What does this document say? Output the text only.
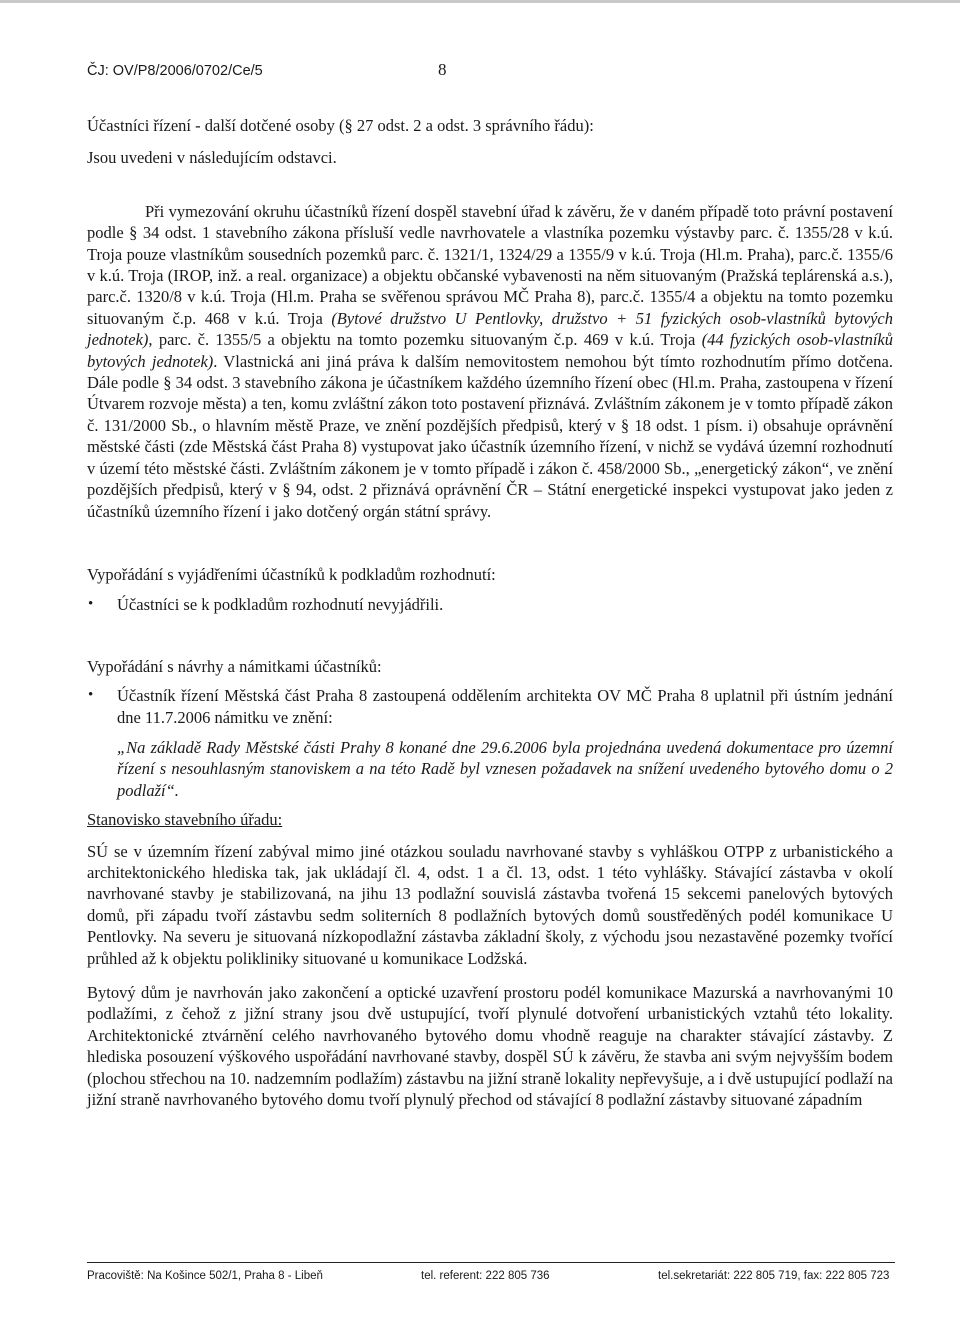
ČJ: OV/P8/2006/0702/Ce/5	8

Účastníci řízení - další dotčené osoby (§ 27 odst. 2 a odst. 3 správního řádu):

Jsou uvedeni v následujícím odstavci.

Při vymezování okruhu účastníků řízení dospěl stavební úřad k závěru, že v daném případě toto právní postavení podle § 34 odst. 1 stavebního zákona přísluší vedle navrhovatele a vlastníka pozemku výstavby parc. č. 1355/28 v k.ú. Troja pouze vlastníkům sousedních pozemků parc. č. 1321/1, 1324/29 a 1355/9 v k.ú. Troja (Hl.m. Praha), parc.č. 1355/6 v k.ú. Troja (IROP, inž. a real. organizace) a objektu občanské vybavenosti na něm situovaným (Pražská teplárenská a.s.), parc.č. 1320/8 v k.ú. Troja (Hl.m. Praha se svěřenou správou MČ Praha 8), parc.č. 1355/4 a objektu na tomto pozemku situovaným č.p. 468 v k.ú. Troja (Bytové družstvo U Pentlovky, družstvo + 51 fyzických osob-vlastníků bytových jednotek), parc. č. 1355/5 a objektu na tomto pozemku situovaným č.p. 469 v k.ú. Troja (44 fyzických osob-vlastníků bytových jednotek). Vlastnická ani jiná práva k dalším nemovitostem nemohou být tímto rozhodnutím přímo dotčena. Dále podle § 34 odst. 3 stavebního zákona je účastníkem každého územního řízení obec (Hl.m. Praha, zastoupena v řízení Útvarem rozvoje města) a ten, komu zvláštní zákon toto postavení přiznává. Zvláštním zákonem je v tomto případě zákon č. 131/2000 Sb., o hlavním městě Praze, ve znění pozdějších předpisů, který v § 18 odst. 1 písm. i) obsahuje oprávnění městské části (zde Městská část Praha 8) vystupovat jako účastník územního řízení, v nichž se vydává územní rozhodnutí v území této městské části. Zvláštním zákonem je v tomto případě i zákon č. 458/2000 Sb., „energetický zákon“, ve znění pozdějších předpisů, který v § 94, odst. 2 přiznává oprávnění ČR – Státní energetické inspekci vystupovat jako jeden z účastníků územního řízení i jako dotčený orgán státní správy.

Vypořádání s vyjádřeními účastníků k podkladům rozhodnutí:

• Účastníci se k podkladům rozhodnutí nevyjádřili.

Vypořádání s návrhy a námitkami účastníků:

• Účastník řízení Městská část Praha 8 zastoupená oddělením architekta OV MČ Praha 8 uplatnil při ústním jednání dne 11.7.2006 námitku ve znění:

„Na základě Rady Městské části Prahy 8 konané dne 29.6.2006 byla projednána uvedená dokumentace pro územní řízení s nesouhlasným stanoviskem a na této Radě byl vznesen požadavek na snížení uvedeného bytového domu o 2 podlaží“.

Stanovisko stavebního úřadu:

SÚ se v územním řízení zabýval mimo jiné otázkou souladu navrhované stavby s vyhláškou OTPP z urbanistického a architektonického hlediska tak, jak ukládají čl. 4, odst. 1 a čl. 13, odst. 1 této vyhlášky. Stávající zástavba v okolí navrhované stavby je stabilizovaná, na jihu 13 podlažní souvislá zástavba tvořená 15 sekcemi panelových bytových domů, při západu tvoří zástavbu sedm soliterních 8 podlažních bytových domů soustředěných podél komunikace U Pentlovky. Na severu je situovaná nízkopodlažní zástavba základní školy, z východu jsou nezastavěné pozemky tvořící průhled až k objektu polikliniky situované u komunikace Lodžská.

Bytový dům je navrhován jako zakončení a optické uzavření prostoru podél komunikace Mazurská a navrhovanými 10 podlažími, z čehož z jižní strany jsou dvě ustupující, tvoří plynulé dotvoření urbanistických vztahů této lokality. Architektonické ztvárnění celého navrhovaného bytového domu vhodně reaguje na charakter stávající zástavby. Z hlediska posouzení výškového uspořádání navrhované stavby, dospěl SÚ k závěru, že stavba ani svým nejvyšším bodem (plochou střechou na 10. nadzemním podlažím) zástavbu na jižní straně lokality nepřevyšuje, a i dvě ustupující podlaží na jižní straně navrhovaného bytového domu tvoří plynulý přechod od stávající 8 podlažní zástavby situované západním

Pracoviště: Na Košince 502/1, Praha 8 - Libeň	tel. referent: 222 805 736	tel.sekretariát: 222 805 719, fax: 222 805 723
